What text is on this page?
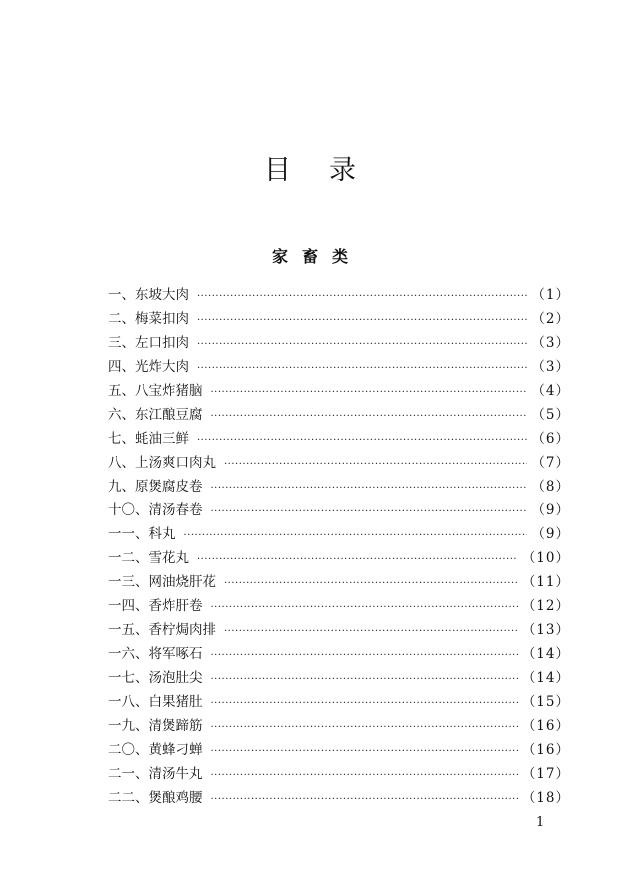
目录
家畜类
一、东坡大肉 ·····	（1）
二、梅菜扣肉 ·····	（2）
三、左口扣肉 ·····	（3）
四、光炸大肉 ·····	（3）
五、八宝炸猪脑 ·····	（4）
六、东江酿豆腐 ·····	（5）
七、蚝油三鲜 ·····	（6）
八、上汤爽口肉丸 ·····	（7）
九、原煲腐皮卷 ·····	（8）
十〇、清汤春卷 ·····	（9）
一一、科丸 ·····	（9）
一二、雪花丸 ·····	（10）
一三、网油烧肝花 ·····	（11）
一四、香炸肝卷 ·····	（12）
一五、香柠焗肉排 ·····	（13）
一六、将军啄石 ·····	（14）
一七、汤泡肚尖 ·····	（14）
一八、白果猪肚 ·····	（15）
一九、清煲蹄筋 ·····	（16）
二〇、黄蜂刁蝉 ·····	（16）
二一、清汤牛丸 ·····	（17）
二二、煲酿鸡腰 ·····	（18）
1
